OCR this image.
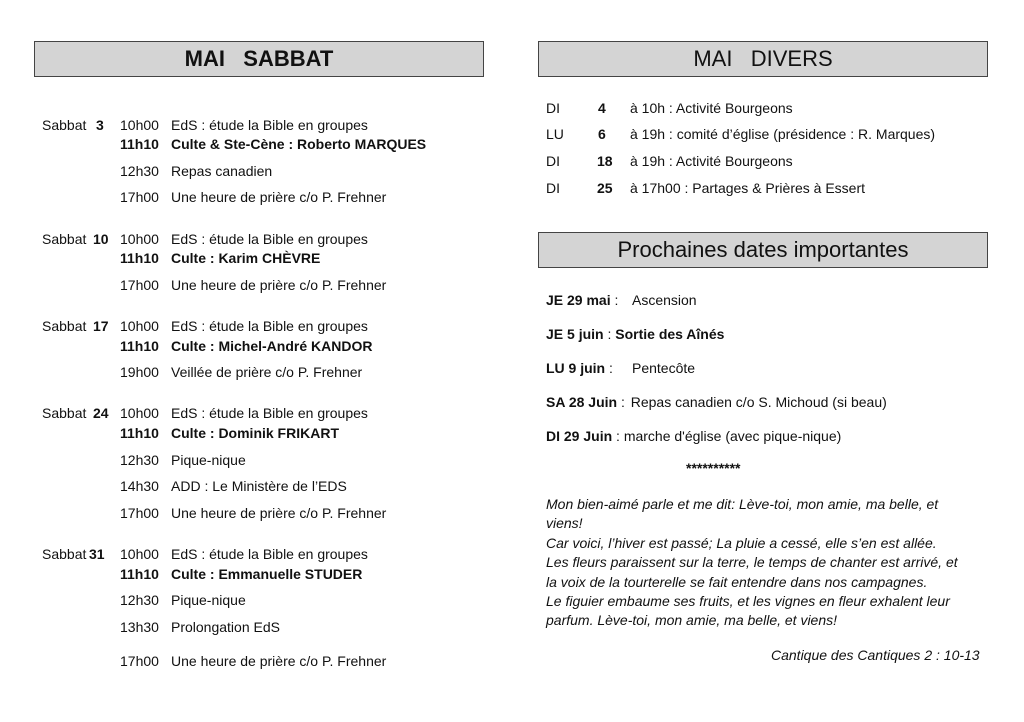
MAI   SABBAT	MAI   DIVERS
Prochaines dates importantes
Sabbat 3 10h00 EdS : étude la Bible en groupes
11h10 Culte & Ste-Cène : Roberto MARQUES
12h30 Repas canadien
17h00 Une heure de prière c/o P. Frehner
Sabbat 10 10h00 EdS : étude la Bible en groupes
11h10 Culte : Karim CHÈVRE
17h00 Une heure de prière c/o P. Frehner
Sabbat 17 10h00 EdS : étude la Bible en groupes
11h10 Culte : Michel-André KANDOR
19h00 Veillée de prière c/o P. Frehner
Sabbat 24 10h00 EdS : étude la Bible en groupes
11h10 Culte : Dominik FRIKART
12h30 Pique-nique
14h30 ADD : Le Ministère de l’EDS
17h00 Une heure de prière c/o P. Frehner
Sabbat 31 10h00 EdS : étude la Bible en groupes
11h10 Culte : Emmanuelle STUDER
12h30 Pique-nique
13h30 Prolongation EdS
17h00 Une heure de prière c/o P. Frehner
DI	4 à 10h : Activité Bourgeons
LU 6 à 19h : comité d’église (présidence : R. Marques)
DI	18 à 19h : Activité Bourgeons
DI	25 à 17h00 : Partages & Prières à Essert
JE 29 mai : Ascension
JE 5 juin : Sortie des Aînés
LU 9 juin : Pentecôte
SA 28 Juin : Repas canadien c/o S. Michoud (si beau)
DI 29 Juin : marche d'église (avec pique-nique)
**********
Mon bien-aimé parle et me dit: Lève-toi, mon amie, ma belle, et
viens!
Car voici, l’hiver est passé; La pluie a cessé, elle s’en est allée.
Les fleurs paraissent sur la terre, le temps de chanter est arrivé, et
la voix de la tourterelle se fait entendre dans nos campagnes.
Le figuier embaume ses fruits, et les vignes en fleur exhalent leur
parfum. Lève-toi, mon amie, ma belle, et viens!
Cantique des Cantiques 2 : 10-13
